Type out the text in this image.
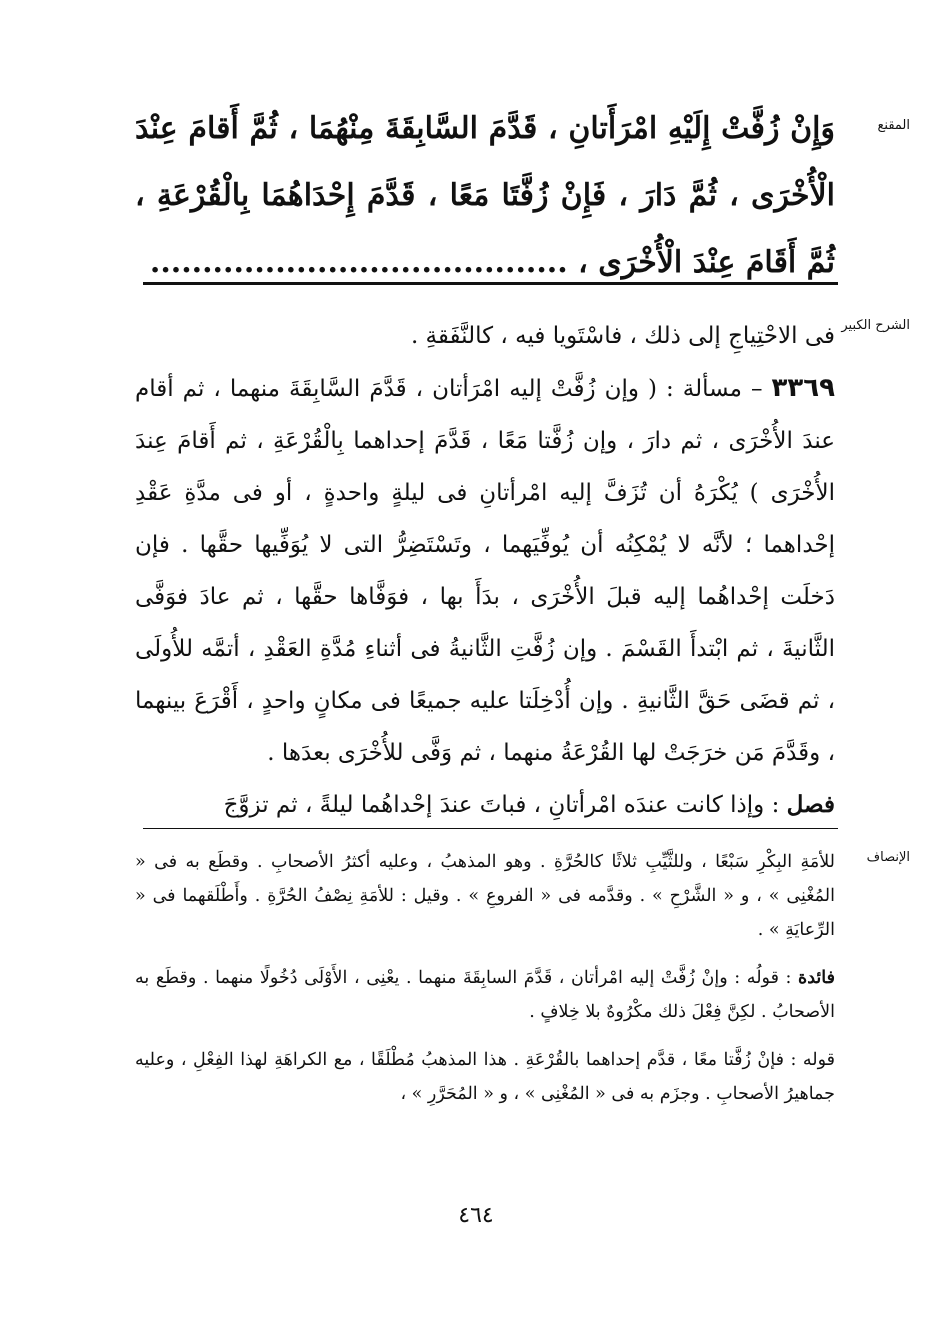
المقنع

وَإِنْ زُفَّتْ إِلَيْهِ امْرَأَتانِ ، قَدَّمَ السَّابِقَةَ مِنْهُمَا ، ثُمَّ أَقامَ عِنْدَ الْأُخْرَى ، ثُمَّ دَارَ ، فَإِنْ زُفَّتَا مَعًا ، قَدَّمَ إِحْدَاهُمَا بِالْقُرْعَةِ ، ثُمَّ أَقَامَ عِنْدَ الْأُخْرَى ، ........................................

الشرح الكبير

فى الاحْتِياجِ إلى ذلك ، فاسْتَويا فيه ، كالنَّفَقةِ .

٣٣٦٩ – مسألة : ( وإن زُفَّتْ إليه امْرَأتان ، قَدَّمَ السَّابِقَةَ منهما ، ثم أقام عندَ الأُخْرَى ، ثم دارَ ، وإن زُفَّتا مَعًا ، قَدَّمَ إحداهما بِالْقُرْعَةِ ، ثم أَقامَ عِندَ الأُخْرَى ) يُكْرَهُ أن تُزَفَّ إليه امْرأتانِ فى ليلةٍ واحدةٍ ، أو فى مدَّةِ عَقْدِ إحْداهما ؛ لأنَّه لا يُمْكِنُه أن يُوفِّيَهما ، وتَسْتَضِرُّ التى لا يُوَفِّيها حقَّها . فإن دَخلَت إحْداهُما إليه قبلَ الأُخْرَى ، بدَأَ بها ، فوَفَّاها حقَّها ، ثم عادَ فوَفَّى الثَّانيةَ ، ثم ابْتدأَ القَسْمَ . وإن زُفَّتِ الثَّانيةُ فى أثناءِ مُدَّةِ العَقْدِ ، أتمَّه للأُولَى ، ثم قضَى حَقَّ الثَّانيةِ . وإن أُدْخِلَتا عليه جميعًا فى مكانٍ واحدٍ ، أَقْرَعَ بينهما ، وقَدَّمَ مَن خرَجَتْ لها القُرْعَةُ منهما ، ثم وَفَّى للأُخْرَى بعدَها .

فصل : وإذا كانت عندَه امْرأتانِ ، فباتَ عندَ إحْداهُما ليلةً ، ثم تزوَّجَ

الإنصاف

للأمَةِ البِكْرِ سَبْعًا ، وللثَّيِّبِ ثلاثًا كالحُرَّةِ . وهو المذهبُ ، وعليه أكثرُ الأصحابِ . وقطَع به فى « المُغْنِى » ، و « الشَّرْحِ » . وقدَّمه فى « الفروعِ » . وقيل : للأمَةِ نِصْفُ الحُرَّةِ . وأَطْلَقهما فى « الرِّعايَةِ » .

فائدة : قولُه : وإنْ زُفَّتْ إليه امْرأتان ، قَدَّمَ السابِقَةَ منهما . يعْنِى ، الأَوْلَى دُخُولًا منهما . وقطَع به الأصحابُ . لكِنَّ فِعْلَ ذلك مكْرُوهٌ بلا خِلافٍ .

قوله : فإنْ زُفَّتا معًا ، قدَّم إحداهما بالقُرْعَةِ . هذا المذهبُ مُطْلَقًا ، مع الكراهَةِ لهذا الفِعْلِ ، وعليه جماهيرُ الأصحابِ . وجزَم به فى « المُغْنِى » ، و « المُحَرَّرِ » ،

٤٦٤
